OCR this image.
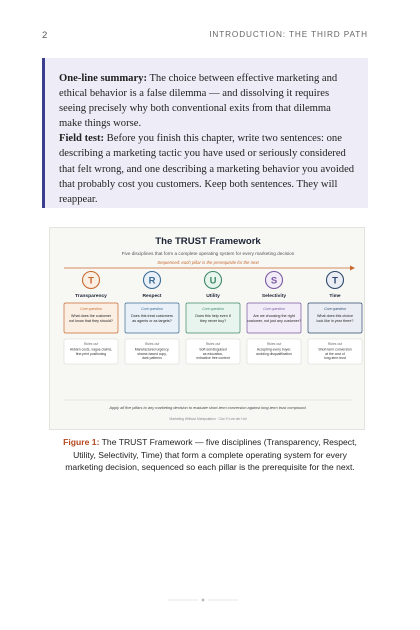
2	INTRODUCTION: THE THIRD PATH

One-line summary: The choice between effective marketing and ethical behavior is a false dilemma — and dissolving it requires seeing precisely why both conventional exits from that dilemma make things worse.

Field test: Before you finish this chapter, write two sentences: one describing a marketing tactic you have used or seriously considered that felt wrong, and one describing a marketing behavior you avoided that probably cost you customers. Keep both sentences. They will reappear.

The TRUST Framework
Five disciplines that form a complete operating system for every marketing decision
Sequenced: each pillar is the prerequisite for the next
T
Transparency
Core question
What does the customer
not know that they should?
Rules out
Hidden costs, vague claims,
fine-print positioning
R
Respect
Core question
Does this treat customers
as agents or as targets?
Rules out
Manufactured urgency,
shame-based copy,
dark patterns
U
Utility
Core question
Does this help even if
they never buy?
Rules out
Soft-sell disguised
as education,
extractive free content
S
Selectivity
Core question
Are we choosing the right
customer, not just any customer?
Rules out
Accepting every buyer,
avoiding disqualification
T
Time
Core question
What does this choice
look like in year three?
Rules out
Short-term conversion
at the cost of
long-term trust
Apply all five pillars to any marketing decision to evaluate short-term conversion against long-term trust compound.
Marketing Without Manipulation · Can Yi Lee der Hof
Figure 1: The TRUST Framework — five disciplines (Transparency, Respect, Utility, Selectivity, Time) that form a complete operating system for every marketing decision, sequenced so each pillar is the prerequisite for the next.
